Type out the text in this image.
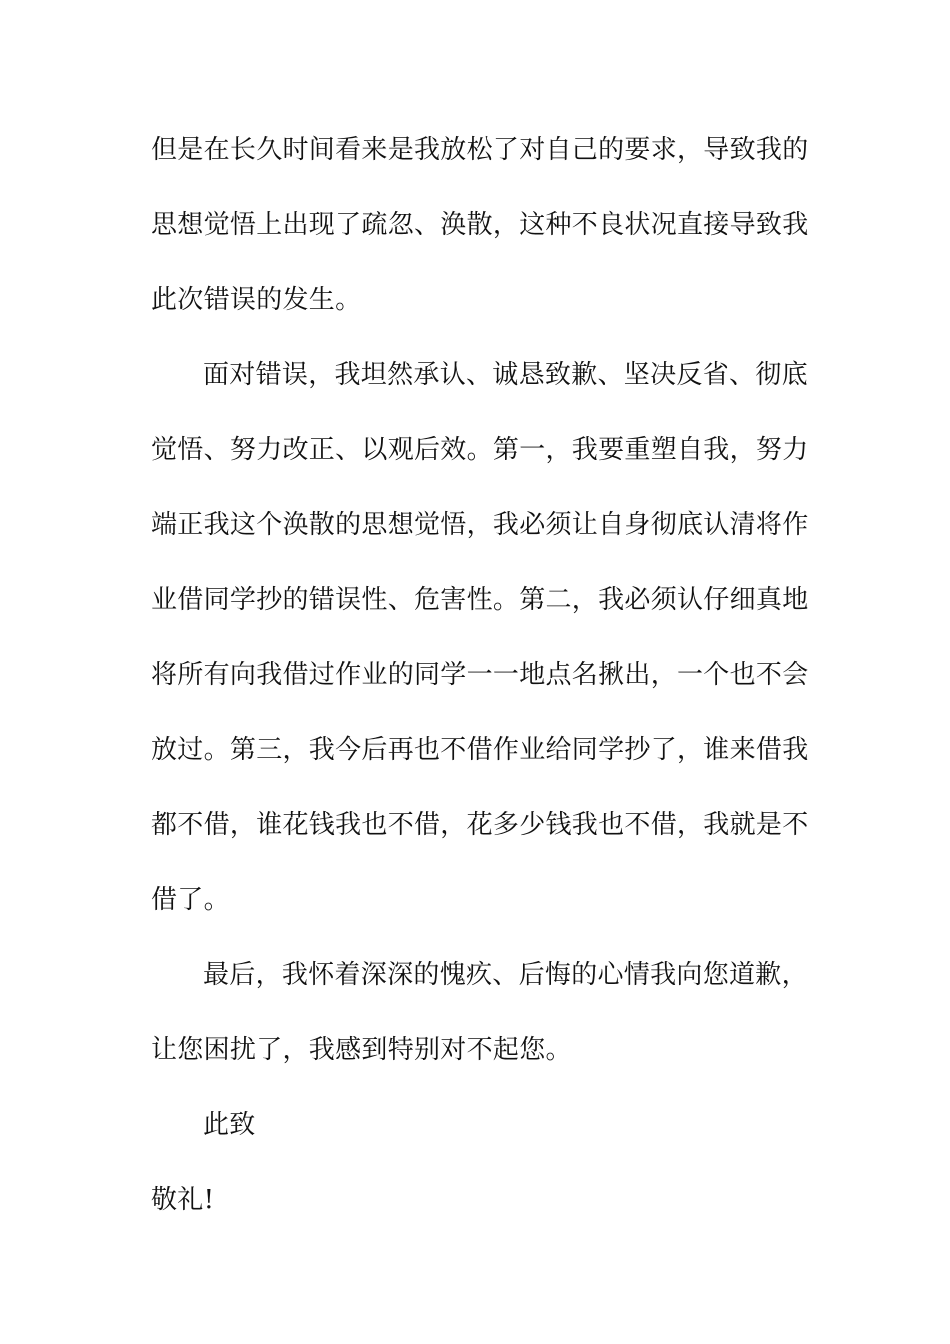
但是在长久时间看来是我放松了对自己的要求，导致我的
思想觉悟上出现了疏忽、涣散，这种不良状况直接导致我
此次错误的发生。
面对错误，我坦然承认、诚恳致歉、坚决反省、彻底
觉悟、努力改正、以观后效。第一，我要重塑自我，努力
端正我这个涣散的思想觉悟，我必须让自身彻底认清将作
业借同学抄的错误性、危害性。第二，我必须认仔细真地
将所有向我借过作业的同学一一地点名揪出，一个也不会
放过。第三，我今后再也不借作业给同学抄了，谁来借我
都不借，谁花钱我也不借，花多少钱我也不借，我就是不
借了。
最后，我怀着深深的愧疚、后悔的心情我向您道歉，
让您困扰了，我感到特别对不起您。
此致
敬礼!
